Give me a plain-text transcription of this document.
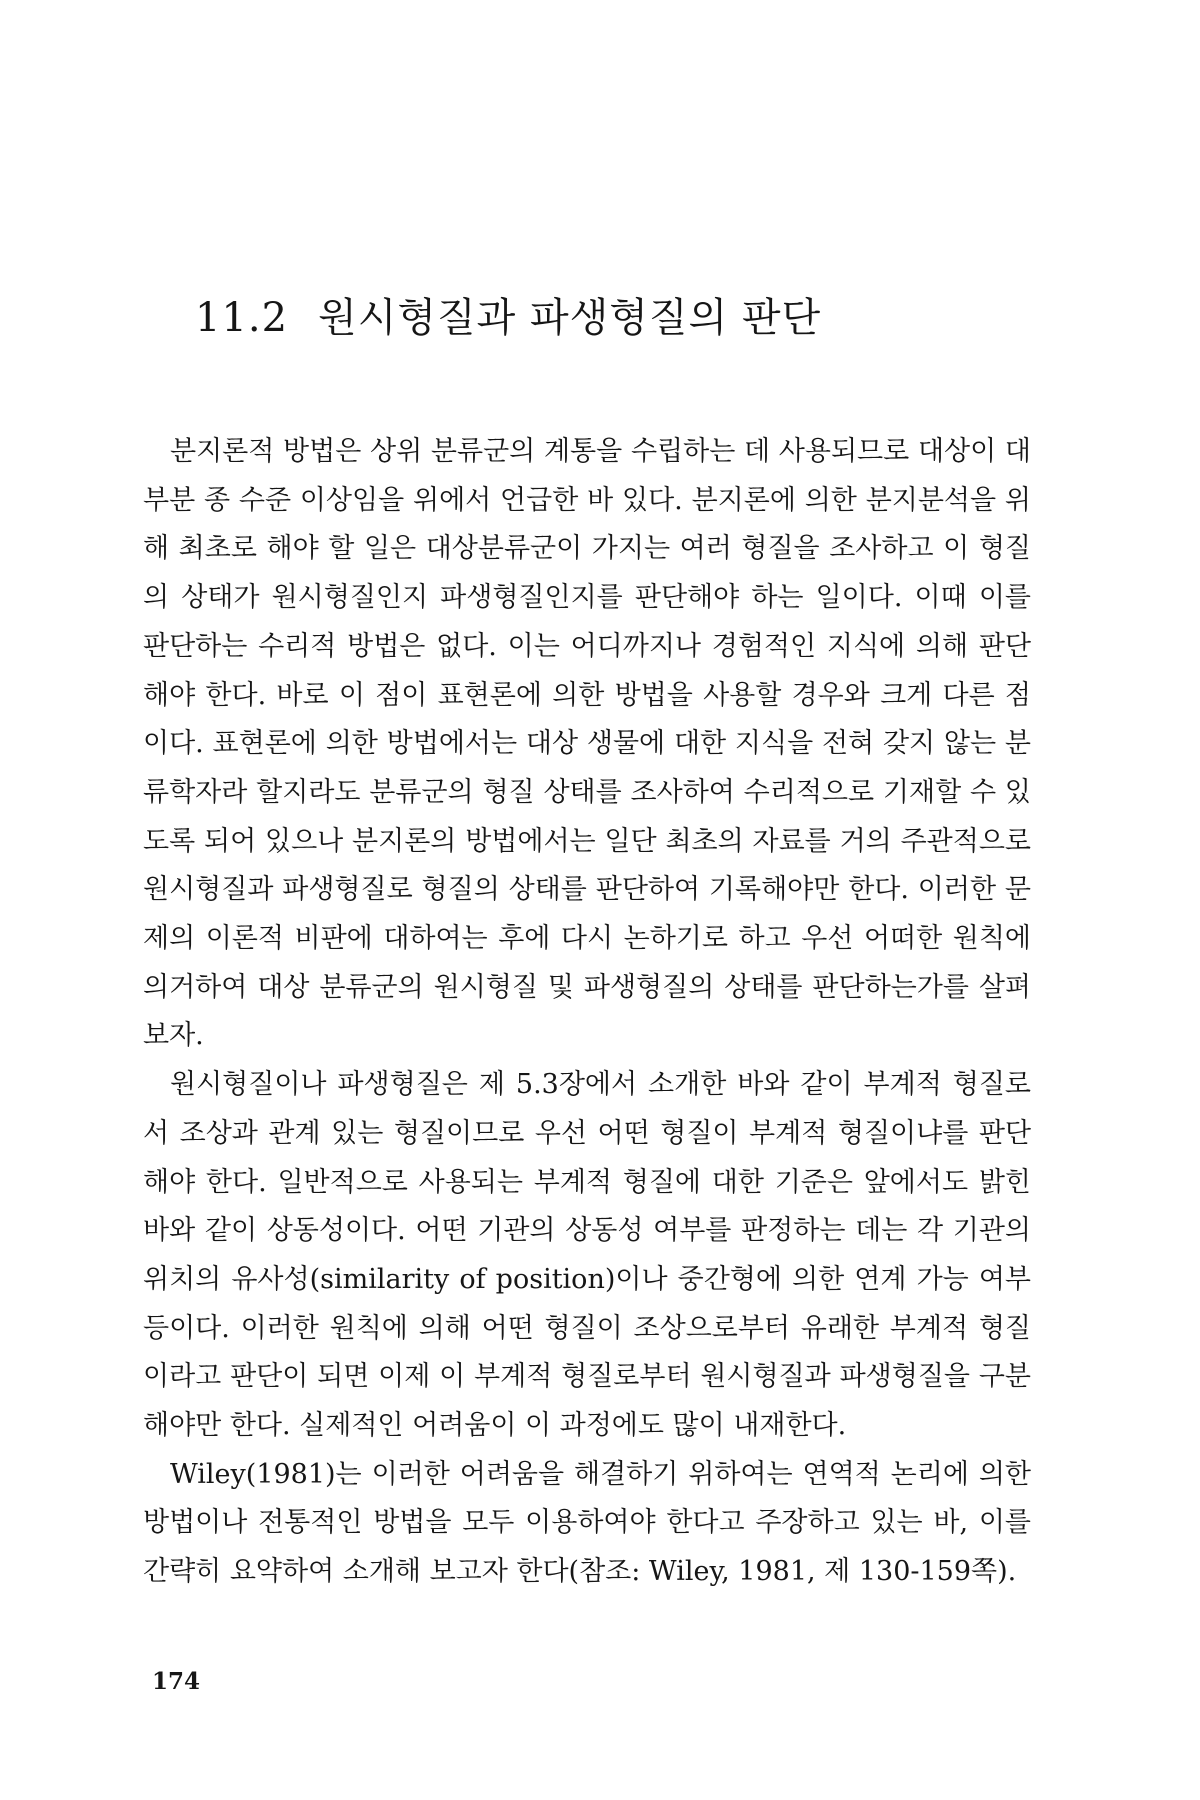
11.2 원시형질과 파생형질의 판단

분지론적 방법은 상위 분류군의 계통을 수립하는 데 사용되므로 대상이 대부분 종 수준 이상임을 위에서 언급한 바 있다. 분지론에 의한 분지분석을 위해 최초로 해야 할 일은 대상분류군이 가지는 여러 형질을 조사하고 이 형질의 상태가 원시형질인지 파생형질인지를 판단해야 하는 일이다. 이때 이를 판단하는 수리적 방법은 없다. 이는 어디까지나 경험적인 지식에 의해 판단해야 한다. 바로 이 점이 표현론에 의한 방법을 사용할 경우와 크게 다른 점이다. 표현론에 의한 방법에서는 대상 생물에 대한 지식을 전혀 갖지 않는 분류학자라 할지라도 분류군의 형질 상태를 조사하여 수리적으로 기재할 수 있도록 되어 있으나 분지론의 방법에서는 일단 최초의 자료를 거의 주관적으로 원시형질과 파생형질로 형질의 상태를 판단하여 기록해야만 한다. 이러한 문제의 이론적 비판에 대하여는 후에 다시 논하기로 하고 우선 어떠한 원칙에 의거하여 대상 분류군의 원시형질 및 파생형질의 상태를 판단하는가를 살펴보자.

원시형질이나 파생형질은 제 5.3장에서 소개한 바와 같이 부계적 형질로서 조상과 관계 있는 형질이므로 우선 어떤 형질이 부계적 형질이냐를 판단해야 한다. 일반적으로 사용되는 부계적 형질에 대한 기준은 앞에서도 밝힌 바와 같이 상동성이다. 어떤 기관의 상동성 여부를 판정하는 데는 각 기관의 위치의 유사성(similarity of position)이나 중간형에 의한 연계 가능 여부 등이다. 이러한 원칙에 의해 어떤 형질이 조상으로부터 유래한 부계적 형질이라고 판단이 되면 이제 이 부계적 형질로부터 원시형질과 파생형질을 구분해야만 한다. 실제적인 어려움이 이 과정에도 많이 내재한다.

Wiley(1981)는 이러한 어려움을 해결하기 위하여는 연역적 논리에 의한 방법이나 전통적인 방법을 모두 이용하여야 한다고 주장하고 있는 바, 이를 간략히 요약하여 소개해 보고자 한다(참조: Wiley, 1981, 제 130-159쪽).

174
